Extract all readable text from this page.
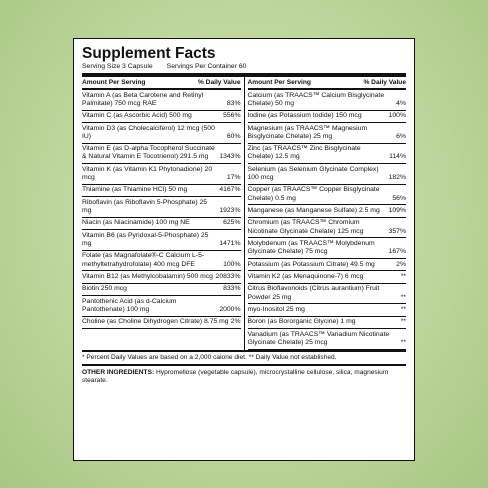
Supplement Facts
Serving Size 3 Capsule Servings Per Container 60
Amount Per Serving	% Daily Value
Vitamin A (as Beta Carotene and Retinyl Palmitate) 750 mcg RAE	83%
Vitamin C (as Ascorbic Acid) 500 mg	556%
Vitamin D3 (as Cholecalciferol) 12 mcg (500 IU)	60%
Vitamin E (as D-alpha Tocopherol Succinate & Natural Vitamin E Tocotrienol) 291.5 mg	1343%
Vitamin K (as Vitamin K1 Phytonadione) 20 mcg	17%
Thiamine (as Thiamine HCl) 50 mg	4167%
Riboflavin (as Riboflavin 5-Phosphate) 25 mg	1923%
Niacin (as Niacinamide) 100 mg NE	625%
Vitamin B6 (as Pyridoxal-5-Phosphate) 25 mg	1471%
Folate (as Magnafolate®-C Calcium L-5-methyltetrahydrofolate) 400 mcg DFE	100%
Vitamin B12 (as Methylcobalamin) 500 mcg 20833%
Biotin 250 mcg	833%
Pantothenic Acid (as d-Calcium Pantothenate) 100 mg	2000%
Choline (as Choline Dihydrogen Citrate) 8.75 mg 2%
Amount Per Serving	% Daily Value
Calcium (as TRAACS™ Calcium Bisglycinate Chelate) 50 mg	4%
Iodine (as Potassium Iodide) 150 mcg	100%
Magnesium (as TRAACS™ Magnesium Bisglycinate Chelate) 25 mg	6%
Zinc (as TRAACS™ Zinc Bisglycinate Chelate) 12.5 mg	114%
Selenium (as Selenium Glycinate Complex) 100 mcg	182%
Copper (as TRAACS™ Copper Bisglycinate Chelate) 0.5 mg	56%
Manganese (as Manganese Sulfate) 2.5 mg 109%
Chromium (as TRAACS™ Chromium Nicotinate Glycinate Chelate) 125 mcg	357%
Molybdenum (as TRAACS™ Molybdenum Glycinate Chelate) 75 mcg	167%
Potassium (as Potassium Citrate) 49.5 mg	2%
Vitamin K2 (as Menaquinone-7) 6 mcg	**
Citrus Bioflavonoids (Citrus aurantium) Fruit Powder 25 mg	**
myo-Inositol 25 mg	**
Boron (as Bororganic Glycine) 1 mg	**
Vanadium (as TRAACS™ Vanadium Nicotinate Glycinate Chelate) 25 mcg	**
* Percent Daily Values are based on a 2,000 calorie diet. ** Daily Value not established.
OTHER INGREDIENTS: Hypromellose (vegetable capsule), microcrystalline cellulose, silica, magnesium stearate.
